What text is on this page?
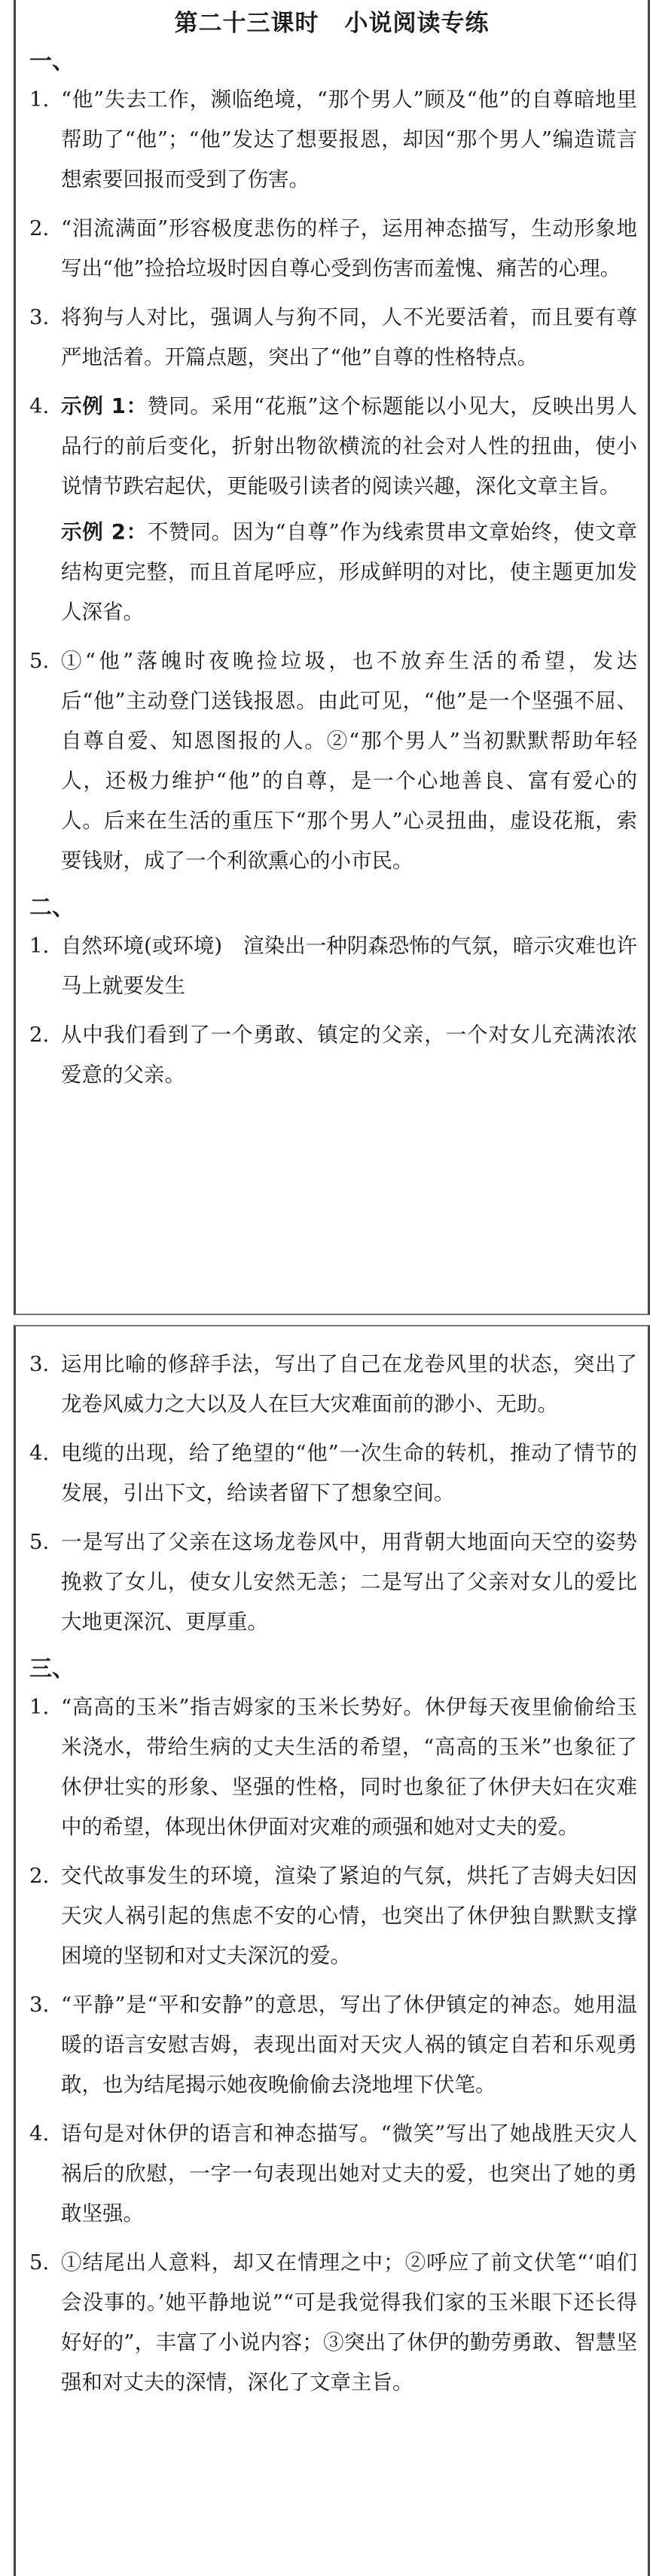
第二十三课时 小说阅读专练
一、
1. “他”失去工作，濒临绝境，“那个男人”顾及“他”的自尊暗地里帮助了“他”；“他”发达了想要报恩，却因“那个男人”编造谎言想索要回报而受到了伤害。
2. “泪流满面”形容极度悲伤的样子，运用神态描写，生动形象地写出“他”捡拾垃圾时因自尊心受到伤害而羞愧、痛苦的心理。
3. 将狗与人对比，强调人与狗不同，人不光要活着，而且要有尊严地活着。开篇点题，突出了“他”自尊的性格特点。
4. 示例 1：赞同。采用“花瓶”这个标题能以小见大，反映出男人品行的前后变化，折射出物欲横流的社会对人性的扭曲，使小说情节跌宕起伏，更能吸引读者的阅读兴趣，深化文章主旨。
示例 2：不赞同。因为“自尊”作为线索贯串文章始终，使文章结构更完整，而且首尾呼应，形成鲜明的对比，使主题更加发人深省。
5. ①“他”落魄时夜晚捡垃圾，也不放弃生活的希望，发达后“他”主动登门送钱报恩。由此可见，“他”是一个坚强不屈、自尊自爱、知恩图报的人。②“那个男人”当初默默帮助年轻人，还极力维护“他”的自尊，是一个心地善良、富有爱心的人。后来在生活的重压下“那个男人”心灵扭曲，虚设花瓶，索要钱财，成了一个利欲熏心的小市民。
二、
1. 自然环境(或环境) 渲染出一种阴森恐怖的气氛，暗示灾难也许马上就要发生
2. 从中我们看到了一个勇敢、镇定的父亲，一个对女儿充满浓浓爱意的父亲。
3. 运用比喻的修辞手法，写出了自己在龙卷风里的状态，突出了龙卷风威力之大以及人在巨大灾难面前的渺小、无助。
4. 电缆的出现，给了绝望的“他”一次生命的转机，推动了情节的发展，引出下文，给读者留下了想象空间。
5. 一是写出了父亲在这场龙卷风中，用背朝大地面向天空的姿势挽救了女儿，使女儿安然无恙；二是写出了父亲对女儿的爱比大地更深沉、更厚重。
三、
1. “高高的玉米”指吉姆家的玉米长势好。休伊每天夜里偷偷给玉米浇水，带给生病的丈夫生活的希望，“高高的玉米”也象征了休伊壮实的形象、坚强的性格，同时也象征了休伊夫妇在灾难中的希望，体现出休伊面对灾难的顽强和她对丈夫的爱。
2. 交代故事发生的环境，渲染了紧迫的气氛，烘托了吉姆夫妇因天灾人祸引起的焦虑不安的心情，也突出了休伊独自默默支撑困境的坚韧和对丈夫深沉的爱。
3. “平静”是“平和安静”的意思，写出了休伊镇定的神态。她用温暖的语言安慰吉姆，表现出面对天灾人祸的镇定自若和乐观勇敢，也为结尾揭示她夜晚偷偷去浇地埋下伏笔。
4. 语句是对休伊的语言和神态描写。“微笑”写出了她战胜天灾人祸后的欣慰，一字一句表现出她对丈夫的爱，也突出了她的勇敢坚强。
5. ①结尾出人意料，却又在情理之中；②呼应了前文伏笔“‘咱们会没事的。’她平静地说”“可是我觉得我们家的玉米眼下还长得好好的”，丰富了小说内容；③突出了休伊的勤劳勇敢、智慧坚强和对丈夫的深情，深化了文章主旨。
